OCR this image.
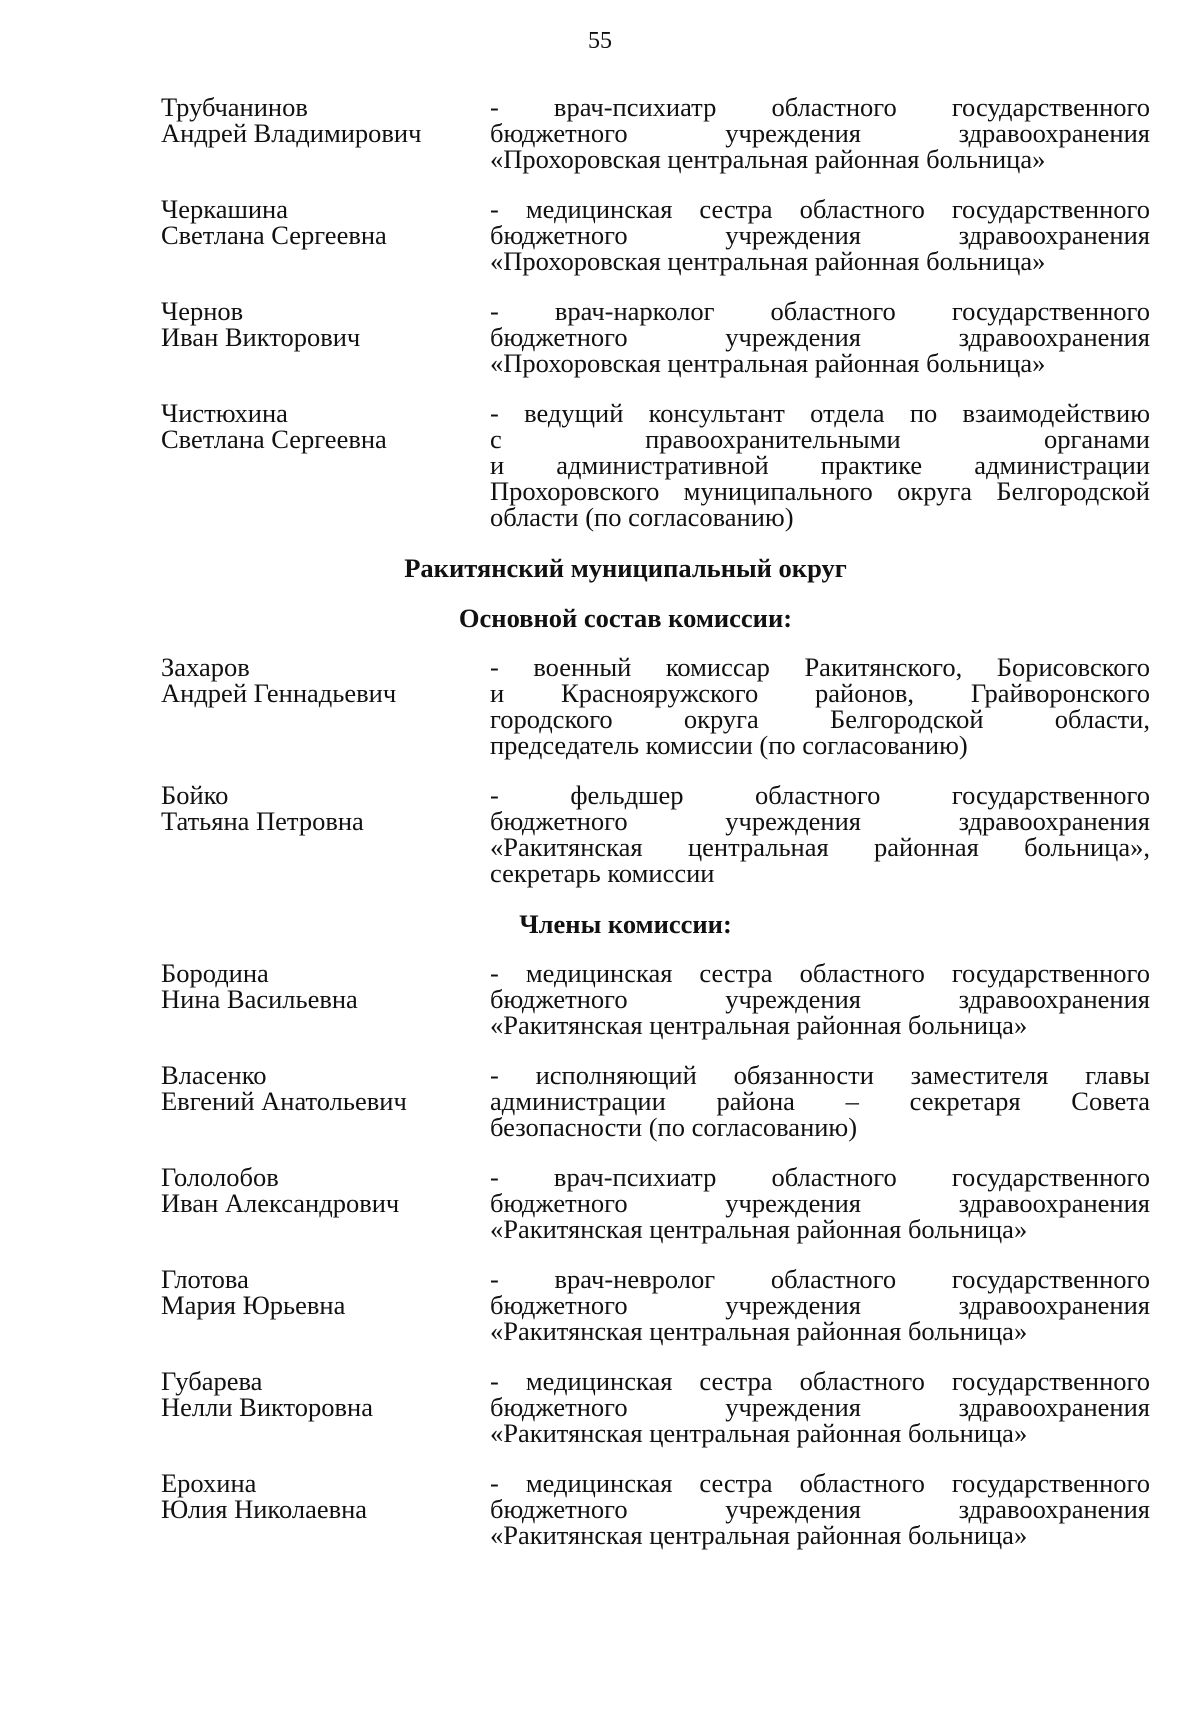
55
Трубчанинов
Андрей Владимирович
- врач-психиатр областного государственного
бюджетного учреждения здравоохранения
«Прохоровская центральная районная больница»
Черкашина
Светлана Сергеевна
- медицинская сестра областного государственного
бюджетного учреждения здравоохранения
«Прохоровская центральная районная больница»
Чернов
Иван Викторович
- врач-нарколог областного государственного
бюджетного учреждения здравоохранения
«Прохоровская центральная районная больница»
Чистюхина
Светлана Сергеевна
- ведущий консультант отдела по взаимодействию
с правоохранительными органами
и административной практике администрации
Прохоровского муниципального округа Белгородской
области (по согласованию)
Ракитянский муниципальный округ
Основной состав комиссии:
Захаров
Андрей Геннадьевич
- военный комиссар Ракитянского, Борисовского
и Краснояружского районов, Грайворонского
городского округа Белгородской области,
председатель комиссии (по согласованию)
Бойко
Татьяна Петровна
- фельдшер областного государственного
бюджетного учреждения здравоохранения
«Ракитянская центральная районная больница»,
секретарь комиссии
Члены комиссии:
Бородина
Нина Васильевна
- медицинская сестра областного государственного
бюджетного учреждения здравоохранения
«Ракитянская центральная районная больница»
Власенко
Евгений Анатольевич
- исполняющий обязанности заместителя главы
администрации района – секретаря Совета
безопасности (по согласованию)
Гололобов
Иван Александрович
- врач-психиатр областного государственного
бюджетного учреждения здравоохранения
«Ракитянская центральная районная больница»
Глотова
Мария Юрьевна
- врач-невролог областного государственного
бюджетного учреждения здравоохранения
«Ракитянская центральная районная больница»
Губарева
Нелли Викторовна
- медицинская сестра областного государственного
бюджетного учреждения здравоохранения
«Ракитянская центральная районная больница»
Ерохина
Юлия Николаевна
- медицинская сестра областного государственного
бюджетного учреждения здравоохранения
«Ракитянская центральная районная больница»
